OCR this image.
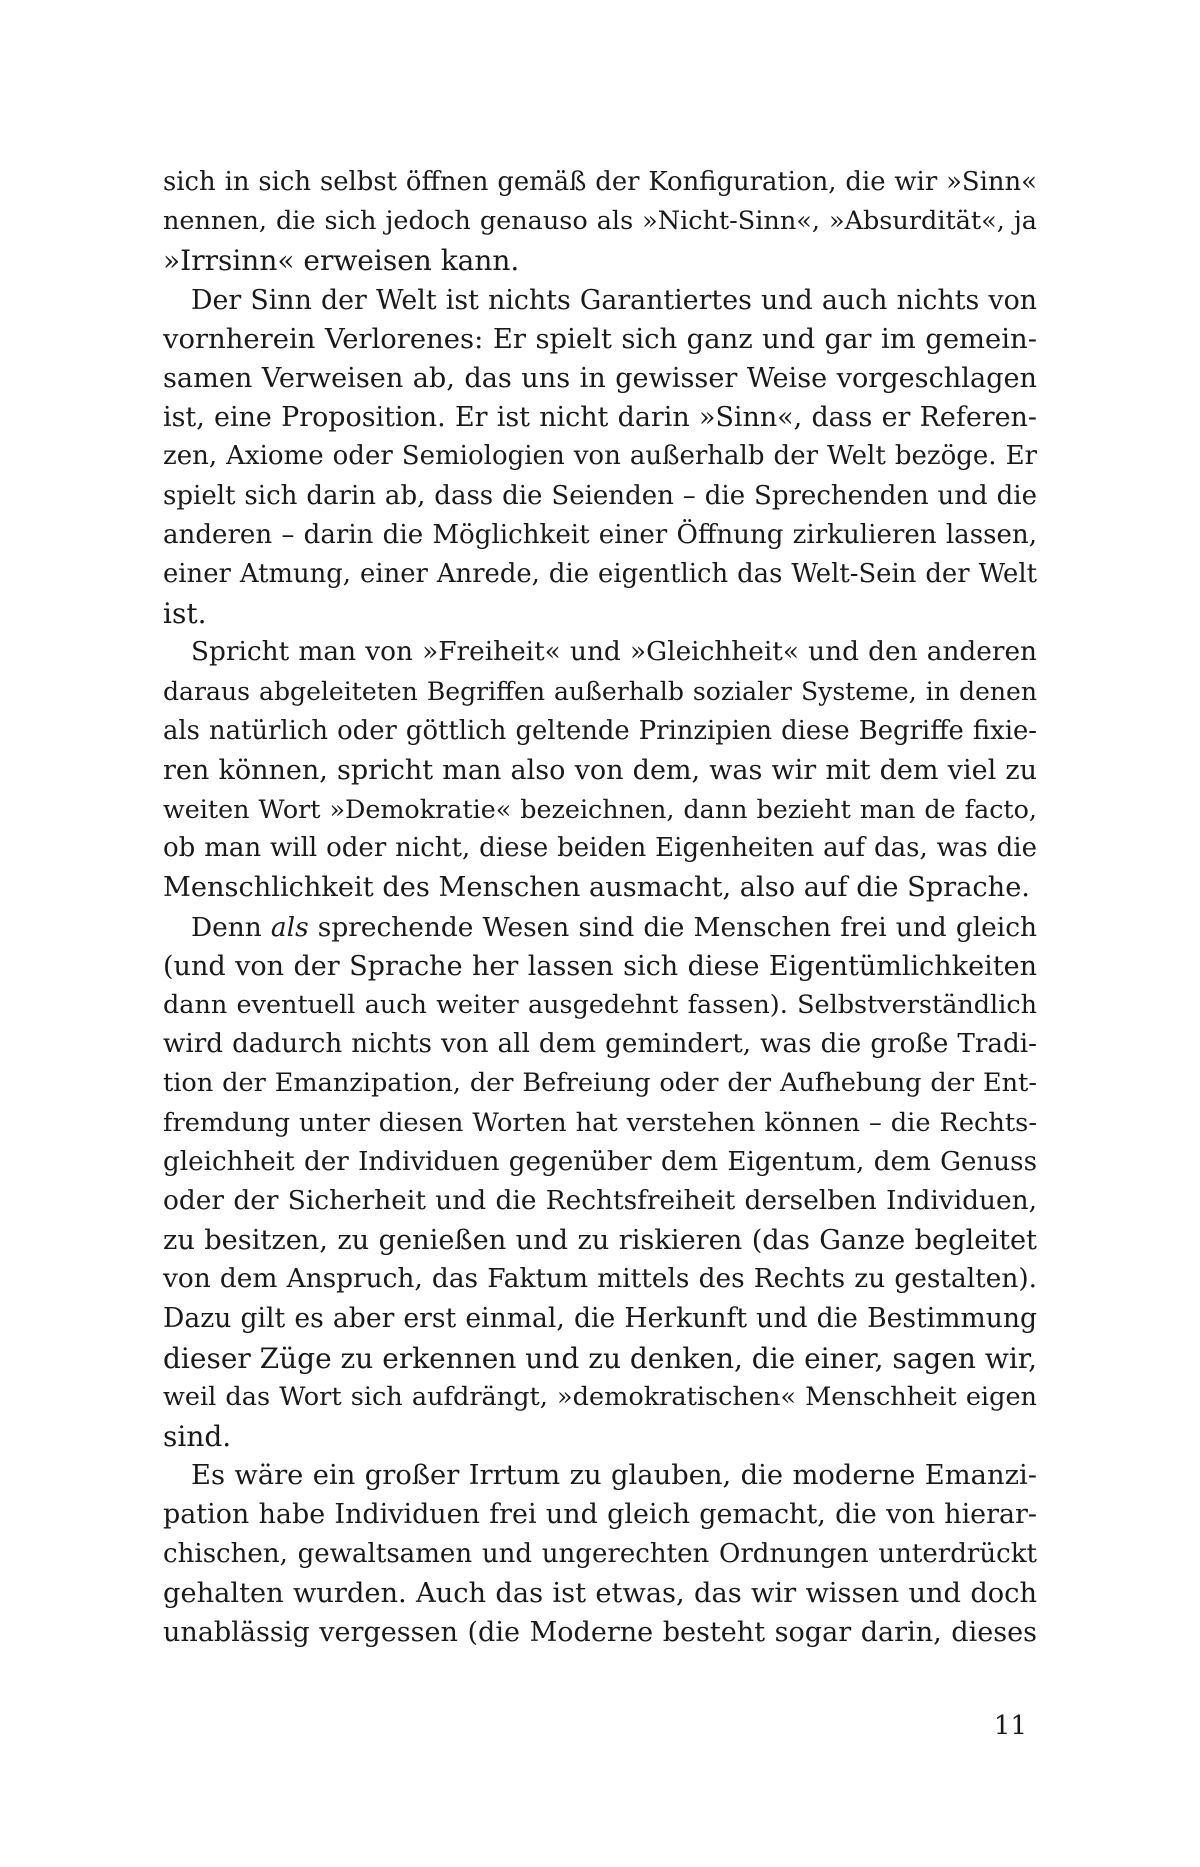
sich in sich selbst öffnen gemäß der Konfiguration, die wir »Sinn«
nennen, die sich jedoch genauso als »Nicht-Sinn«, »Absurdität«, ja
»Irrsinn« erweisen kann.
Der Sinn der Welt ist nichts Garantiertes und auch nichts von
vornherein Verlorenes: Er spielt sich ganz und gar im gemein-
samen Verweisen ab, das uns in gewisser Weise vorgeschlagen
ist, eine Proposition. Er ist nicht darin »Sinn«, dass er Referen-
zen, Axiome oder Semiologien von außerhalb der Welt bezöge. Er
spielt sich darin ab, dass die Seienden – die Sprechenden und die
anderen – darin die Möglichkeit einer Öffnung zirkulieren lassen,
einer Atmung, einer Anrede, die eigentlich das Welt-Sein der Welt
ist.
Spricht man von »Freiheit« und »Gleichheit« und den anderen
daraus abgeleiteten Begriffen außerhalb sozialer Systeme, in denen
als natürlich oder göttlich geltende Prinzipien diese Begriffe fixie-
ren können, spricht man also von dem, was wir mit dem viel zu
weiten Wort »Demokratie« bezeichnen, dann bezieht man de facto,
ob man will oder nicht, diese beiden Eigenheiten auf das, was die
Menschlichkeit des Menschen ausmacht, also auf die Sprache.
Denn als sprechende Wesen sind die Menschen frei und gleich
(und von der Sprache her lassen sich diese Eigentümlichkeiten
dann eventuell auch weiter ausgedehnt fassen). Selbstverständlich
wird dadurch nichts von all dem gemindert, was die große Tradi-
tion der Emanzipation, der Befreiung oder der Aufhebung der Ent-
fremdung unter diesen Worten hat verstehen können – die Rechts-
gleichheit der Individuen gegenüber dem Eigentum, dem Genuss
oder der Sicherheit und die Rechtsfreiheit derselben Individuen,
zu besitzen, zu genießen und zu riskieren (das Ganze begleitet
von dem Anspruch, das Faktum mittels des Rechts zu gestalten).
Dazu gilt es aber erst einmal, die Herkunft und die Bestimmung
dieser Züge zu erkennen und zu denken, die einer, sagen wir,
weil das Wort sich aufdrängt, »demokratischen« Menschheit eigen
sind.
Es wäre ein großer Irrtum zu glauben, die moderne Emanzi-
pation habe Individuen frei und gleich gemacht, die von hierar-
chischen, gewaltsamen und ungerechten Ordnungen unterdrückt
gehalten wurden. Auch das ist etwas, das wir wissen und doch
unablässig vergessen (die Moderne besteht sogar darin, dieses
11
